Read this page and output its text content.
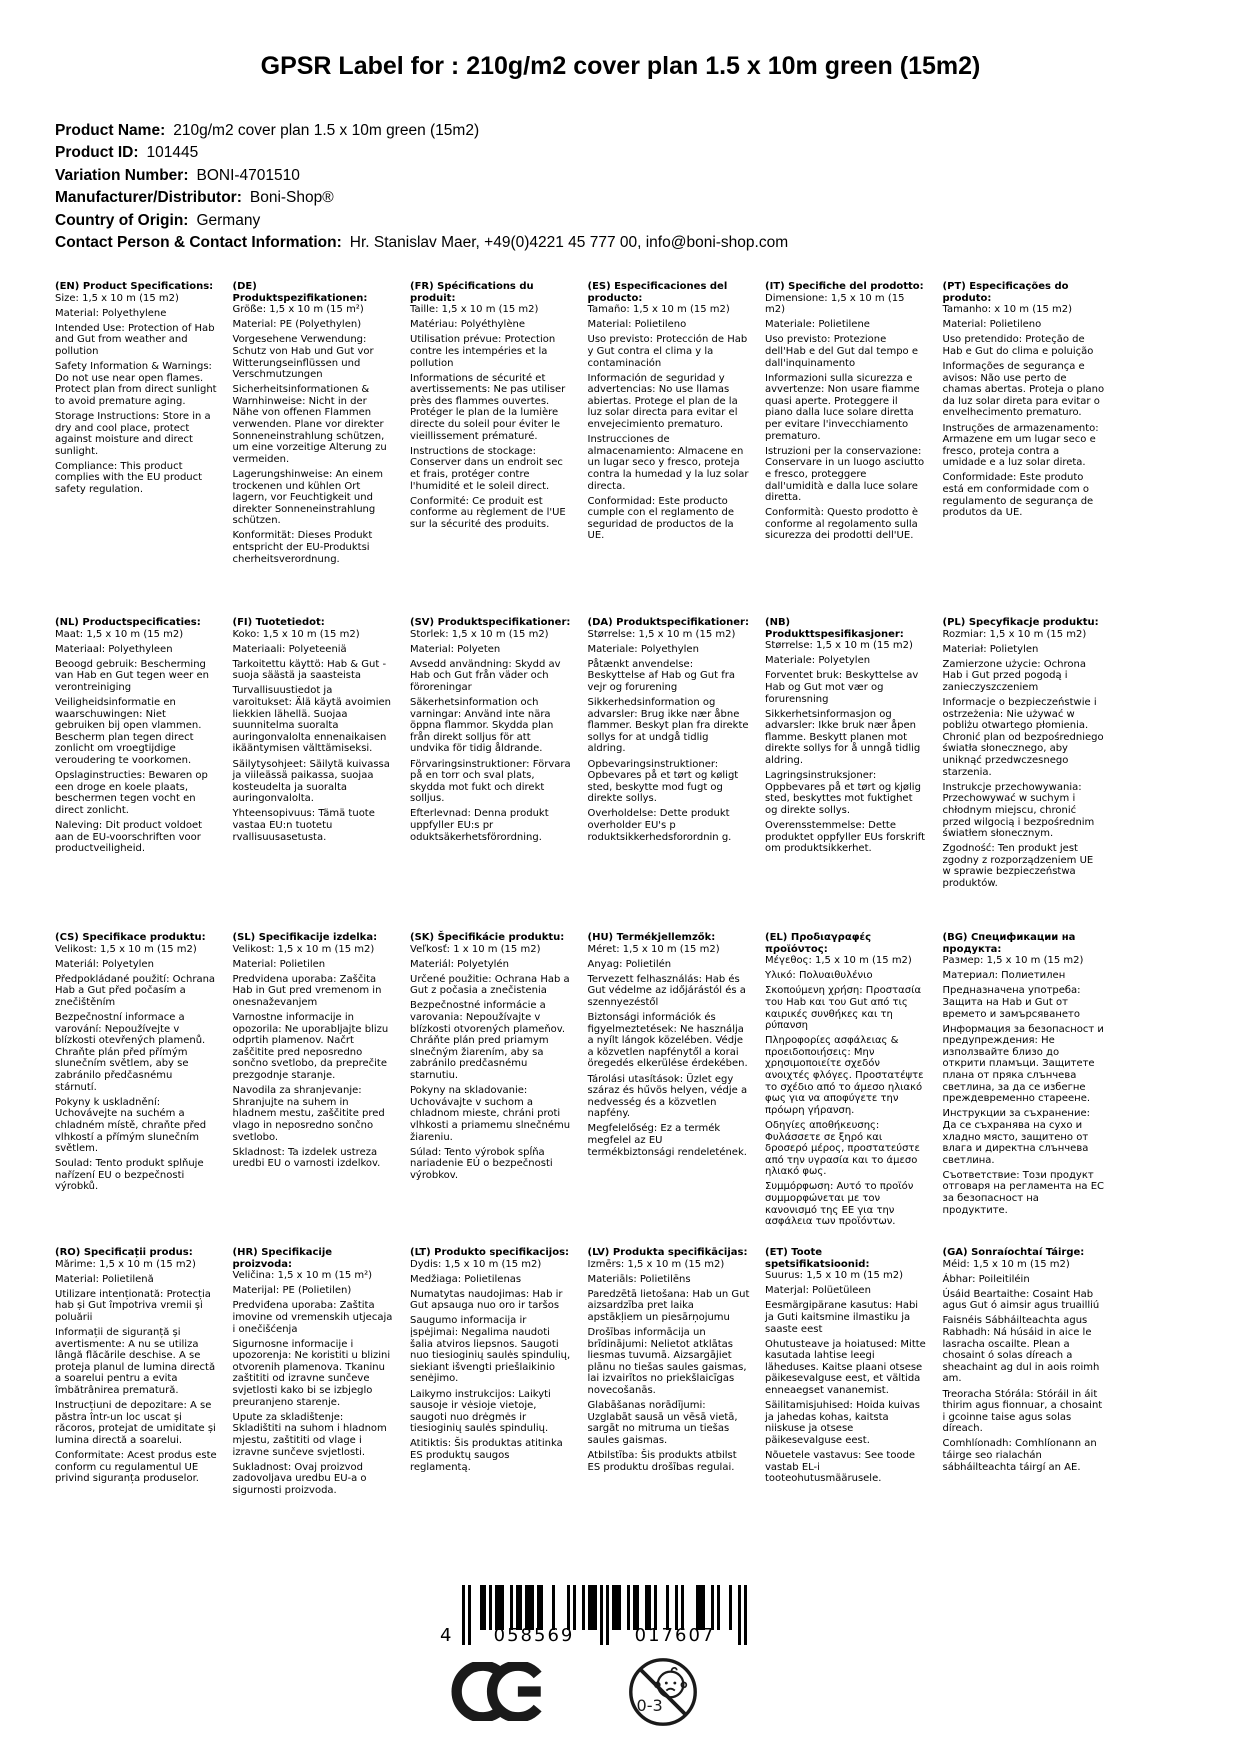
GPSR Label for : 210g/m2 cover plan 1.5 x 10m green (15m2)
Product Name: 210g/m2 cover plan 1.5 x 10m green (15m2)
Product ID: 101445
Variation Number: BONI-4701510
Manufacturer/Distributor: Boni-Shop®
Country of Origin: Germany
Contact Person & Contact Information: Hr. Stanislav Maer, +49(0)4221 45 777 00, info@boni-shop.com
(EN) Product Specifications:

Size: 1,5 x 10 m (15 m2)

Material: Polyethylene

Intended Use: Protection of Hab and Gut from weather and pollution

Safety Information & Warnings: Do not use near open flames. Protect plan from direct sunlight to avoid premature aging.

Storage Instructions: Store in a dry and cool place, protect against moisture and direct sunlight.

Compliance: This product complies with the EU product safety regulation.

(DE) Produktspezifikationen:

Größe: 1,5 x 10 m (15 m²)

Material: PE (Polyethylen)

Vorgesehene Verwendung: Schutz von Hab und Gut vor Witterungseinflüssen und Verschmutzungen

Sicherheitsinformationen & Warnhinweise: Nicht in der Nähe von offenen Flammen verwenden. Plane vor direkter Sonneneinstrahlung schützen, um eine vorzeitige Alterung zu vermeiden.

Lagerungshinweise: An einem trockenen und kühlen Ort lagern, vor Feuchtigkeit und direkter Sonneneinstrahlung schützen.

Konformität: Dieses Produkt entspricht der EU-Produktsi cherheitsverordnung.

(FR) Spécifications du produit:

Taille: 1,5 x 10 m (15 m2)

Matériau: Polyéthylène

Utilisation prévue: Protection contre les intempéries et la pollution

Informations de sécurité et avertissements: Ne pas utiliser près des flammes ouvertes. Protéger le plan de la lumière directe du soleil pour éviter le vieillissement prématuré.

Instructions de stockage: Conserver dans un endroit sec et frais, protéger contre l'humidité et le soleil direct.

Conformité: Ce produit est conforme au règlement de l'UE sur la sécurité des produits.

(ES) Especificaciones del producto:

Tamaño: 1,5 x 10 m (15 m2)

Material: Polietileno

Uso previsto: Protección de Hab y Gut contra el clima y la contaminación

Información de seguridad y advertencias: No use llamas abiertas. Protege el plan de la luz solar directa para evitar el envejecimiento prematuro.

Instrucciones de almacenamiento: Almacene en un lugar seco y fresco, proteja contra la humedad y la luz solar directa.

Conformidad: Este producto cumple con el reglamento de seguridad de productos de la UE.

(IT) Specifiche del prodotto:

Dimensione: 1,5 x 10 m (15 m2)

Materiale: Polietilene

Uso previsto: Protezione dell'Hab e del Gut dal tempo e dall'inquinamento

Informazioni sulla sicurezza e avvertenze: Non usare fiamme quasi aperte. Proteggere il piano dalla luce solare diretta per evitare l'invecchiamento prematuro.

Istruzioni per la conservazione: Conservare in un luogo asciutto e fresco, proteggere dall'umidità e dalla luce solare diretta.

Conformità: Questo prodotto è conforme al regolamento sulla sicurezza dei prodotti dell'UE.

(PT) Especificações do produto:

Tamanho: x 10 m (15 m2)

Material: Polietileno

Uso pretendido: Proteção de Hab e Gut do clima e poluição

Informações de segurança e avisos: Não use perto de chamas abertas. Proteja o plano da luz solar direta para evitar o envelhecimento prematuro.

Instruções de armazenamento: Armazene em um lugar seco e fresco, proteja contra a umidade e a luz solar direta.

Conformidade: Este produto está em conformidade com o regulamento de segurança de produtos da UE.

(NL) Productspecificaties:

Maat: 1,5 x 10 m (15 m2)

Materiaal: Polyethyleen

Beoogd gebruik: Bescherming van Hab en Gut tegen weer en verontreiniging

Veiligheidsinformatie en waarschuwingen: Niet gebruiken bij open vlammen. Bescherm plan tegen direct zonlicht om vroegtijdige veroudering te voorkomen.

Opslaginstructies: Bewaren op een droge en koele plaats, beschermen tegen vocht en direct zonlicht.

Naleving: Dit product voldoet aan de EU-voorschriften voor productveiligheid.

(FI) Tuotetiedot:

Koko: 1,5 x 10 m (15 m2)

Materiaali: Polyeteeniä

Tarkoitettu käyttö: Hab & Gut -suoja säästä ja saasteista

Turvallisuustiedot ja varoitukset: Älä käytä avoimien liekkien lähellä. Suojaa suunnitelma suoralta auringonvalolta ennenaikaisen ikääntymisen välttämiseksi.

Säilytysohjeet: Säilytä kuivassa ja viileässä paikassa, suojaa kosteudelta ja suoralta auringonvalolta.

Yhteensopivuus: Tämä tuote vastaa EU:n tuotetu rvallisuusasetusta.

(SV) Produktspecifikationer:

Storlek: 1,5 x 10 m (15 m2)

Material: Polyeten

Avsedd användning: Skydd av Hab och Gut från väder och föroreningar

Säkerhetsinformation och varningar: Använd inte nära öppna flammor. Skydda plan från direkt solljus för att undvika för tidig åldrande.

Förvaringsinstruktioner: Förvara på en torr och sval plats, skydda mot fukt och direkt solljus.

Efterlevnad: Denna produkt uppfyller EU:s pr oduktsäkerhetsförordning.

(DA) Produktspecifikationer:

Størrelse: 1,5 x 10 m (15 m2)

Materiale: Polyethylen

Påtænkt anvendelse: Beskyttelse af Hab og Gut fra vejr og forurening

Sikkerhedsinformation og advarsler: Brug ikke nær åbne flammer. Beskyt plan fra direkte sollys for at undgå tidlig aldring.

Opbevaringsinstruktioner: Opbevares på et tørt og køligt sted, beskytte mod fugt og direkte sollys.

Overholdelse: Dette produkt overholder EU's p roduktsikkerhedsforordnin g.

(NB) Produkttspesifikasjoner:

Størrelse: 1,5 x 10 m (15 m2)

Materiale: Polyetylen

Forventet bruk: Beskyttelse av Hab og Gut mot vær og forurensning

Sikkerhetsinformasjon og advarsler: Ikke bruk nær åpen flamme. Beskytt planen mot direkte sollys for å unngå tidlig aldring.

Lagringsinstruksjoner: Oppbevares på et tørt og kjølig sted, beskyttes mot fuktighet og direkte sollys.

Overensstemmelse: Dette produktet oppfyller EUs forskrift om produktsikkerhet.

(PL) Specyfikacje produktu:

Rozmiar: 1,5 x 10 m (15 m2)

Materiał: Polietylen

Zamierzone użycie: Ochrona Hab i Gut przed pogodą i zanieczyszczeniem

Informacje o bezpieczeństwie i ostrzeżenia: Nie używać w pobliżu otwartego płomienia. Chronić plan od bezpośredniego światła słonecznego, aby uniknąć przedwczesnego starzenia.

Instrukcje przechowywania: Przechowywać w suchym i chłodnym miejscu, chronić przed wilgocią i bezpośrednim światłem słonecznym.

Zgodność: Ten produkt jest zgodny z rozporządzeniem UE w sprawie bezpieczeństwa produktów.

(CS) Specifikace produktu:

Velikost: 1,5 x 10 m (15 m2)

Materiál: Polyetylen

Předpokládané použití: Ochrana Hab a Gut před počasím a znečištěním

Bezpečnostní informace a varování: Nepoužívejte v blízkosti otevřených plamenů. Chraňte plán před přímým slunečním světlem, aby se zabránilo předčasnému stárnutí.

Pokyny k uskladnění: Uchovávejte na suchém a chladném místě, chraňte před vlhkostí a přímým slunečním světlem.

Soulad: Tento produkt splňuje nařízení EU o bezpečnosti výrobků.

(SL) Specifikacije izdelka:

Velikost: 1,5 x 10 m (15 m2)

Material: Polietilen

Predvidena uporaba: Zaščita Hab in Gut pred vremenom in onesnaževanjem

Varnostne informacije in opozorila: Ne uporabljajte blizu odprtih plamenov. Načrt zaščitite pred neposredno sončno svetlobo, da preprečite prezgodnje staranje.

Navodila za shranjevanje: Shranjujte na suhem in hladnem mestu, zaščitite pred vlago in neposredno sončno svetlobo.

Skladnost: Ta izdelek ustreza uredbi EU o varnosti izdelkov.

(SK) Špecifikácie produktu:

Veľkosť: 1 x 10 m (15 m2)

Materiál: Polyetylén

Určené použitie: Ochrana Hab a Gut z počasia a znečistenia

Bezpečnostné informácie a varovania: Nepoužívajte v blízkosti otvorených plameňov. Chráňte plán pred priamym slnečným žiarením, aby sa zabránilo predčasnému starnutiu.

Pokyny na skladovanie: Uchovávajte v suchom a chladnom mieste, chráni proti vlhkosti a priamemu slnečnému žiareniu.

Súlad: Tento výrobok spĺňa nariadenie EÚ o bezpečnosti výrobkov.

(HU) Termékjellemzők:

Méret: 1,5 x 10 m (15 m2)

Anyag: Polietilén

Tervezett felhasználás: Hab és Gut védelme az időjárástól és a szennyezéstől

Biztonsági információk és figyelmeztetések: Ne használja a nyílt lángok közelében. Védje a közvetlen napfénytől a korai öregedés elkerülése érdekében.

Tárolási utasítások: Üzlet egy száraz és hűvös helyen, védje a nedvesség és a közvetlen napfény.

Megfelelőség: Ez a termék megfelel az EU termékbiztonsági rendeletének.

(EL) Προδιαγραφές προϊόντος:

Μέγεθος: 1,5 x 10 m (15 m2)

Υλικό: Πολυαιθυλένιο

Σκοπούμενη χρήση: Προστασία του Hab και του Gut από τις καιρικές συνθήκες και τη ρύπανση

Πληροφορίες ασφάλειας & προειδοποιήσεις: Μην χρησιμοποιείτε σχεδόν ανοιχτές φλόγες. Προστατέψτε το σχέδιο από το άμεσο ηλιακό φως για να αποφύγετε την πρόωρη γήρανση.

Οδηγίες αποθήκευσης: Φυλάσσετε σε ξηρό και δροσερό μέρος, προστατεύστε από την υγρασία και το άμεσο ηλιακό φως.

Συμμόρφωση: Αυτό το προϊόν συμμορφώνεται με τον κανονισμό της ΕΕ για την ασφάλεια των προϊόντων.

(BG) Спецификации на продукта:

Размер: 1,5 x 10 m (15 m2)

Материал: Полиетилен

Предназначена употреба: Защита на Hab и Gut от времето и замърсяването

Информация за безопасност и предупреждения: Не използвайте близо до открити пламъци. Защитете плана от пряка слънчева светлина, за да се избегне преждевременно стареене.

Инструкции за съхранение: Да се съхранява на сухо и хладно място, защитено от влага и директна слънчева светлина.

Съответствие: Този продукт отговаря на регламента на ЕС за безопасност на продуктите.

(RO) Specificații produs:

Mărime: 1,5 x 10 m (15 m2)

Material: Polietilenă

Utilizare intenționată: Protecția hab și Gut împotriva vremii și poluării

Informații de siguranță și avertismente: A nu se utiliza lângă flăcările deschise. A se proteja planul de lumina directă a soarelui pentru a evita îmbătrânirea prematură.

Instrucțiuni de depozitare: A se păstra într-un loc uscat și răcoros, protejat de umiditate și lumina directă a soarelui.

Conformitate: Acest produs este conform cu regulamentul UE privind siguranța produselor.

(HR) Specifikacije proizvoda:

Veličina: 1,5 x 10 m (15 m²)

Materijal: PE (Polietilen)

Predviđena uporaba: Zaštita imovine od vremenskih utjecaja i onečišćenja

Sigurnosne informacije i upozorenja: Ne koristiti u blizini otvorenih plamenova. Tkaninu zaštititi od izravne sunčeve svjetlosti kako bi se izbjeglo preuranjeno starenje.

Upute za skladištenje: Skladištiti na suhom i hladnom mjestu, zaštititi od vlage i izravne sunčeve svjetlosti.

Sukladnost: Ovaj proizvod zadovoljava uredbu EU-a o sigurnosti proizvoda.

(LT) Produkto specifikacijos:

Dydis: 1,5 x 10 m (15 m2)

Medžiaga: Polietilenas

Numatytas naudojimas: Hab ir Gut apsauga nuo oro ir taršos

Saugumo informacija ir įspėjimai: Negalima naudoti šalia atviros liepsnos. Saugoti nuo tiesioginių saulės spindulių, siekiant išvengti priešlaikinio senėjimo.

Laikymo instrukcijos: Laikyti sausoje ir vėsioje vietoje, saugoti nuo drėgmės ir tiesioginių saulės spindulių.

Atitiktis: Šis produktas atitinka ES produktų saugos reglamentą.

(LV) Produkta specifikācijas:

Izmērs: 1,5 x 10 m (15 m2)

Materiāls: Polietilēns

Paredzētā lietošana: Hab un Gut aizsardzība pret laika apstākļiem un piesārņojumu

Drošības informācija un brīdinājumi: Nelietot atklātas liesmas tuvumā. Aizsargājiet plānu no tiešas saules gaismas, lai izvairītos no priekšlaicīgas novecošanās.

Glabāšanas norādījumi: Uzglabāt sausā un vēsā vietā, sargāt no mitruma un tiešas saules gaismas.

Atbilstība: Šis produkts atbilst ES produktu drošības regulai.

(ET) Toote spetsifikatsioonid:

Suurus: 1,5 x 10 m (15 m2)

Materjal: Polüetüleen

Eesmärgipärane kasutus: Habi ja Guti kaitsmine ilmastiku ja saaste eest

Ohutusteave ja hoiatused: Mitte kasutada lahtise leegi läheduses. Kaitse plaani otsese päikesevalguse eest, et vältida enneaegset vananemist.

Säilitamisjuhised: Hoida kuivas ja jahedas kohas, kaitsta niiskuse ja otsese päikesevalguse eest.

Nõuetele vastavus: See toode vastab EL-i tooteohutusmäärusele.

(GA) Sonraíochtaí Táirge:

Méid: 1,5 x 10 m (15 m2)

Ábhar: Poileitiléin

Úsáid Beartaithe: Cosaint Hab agus Gut ó aimsir agus truailliú

Faisnéis Sábháilteachta agus Rabhadh: Ná húsáid in aice le lasracha oscailte. Plean a chosaint ó solas díreach a sheachaint ag dul in aois roimh am.

Treoracha Stórála: Stóráil in áit thirim agus fionnuar, a chosaint i gcoinne taise agus solas díreach.

Comhlíonadh: Comhlíonann an táirge seo rialachán sábháilteachta táirgí an AE.

4	058569	017607
0-3
